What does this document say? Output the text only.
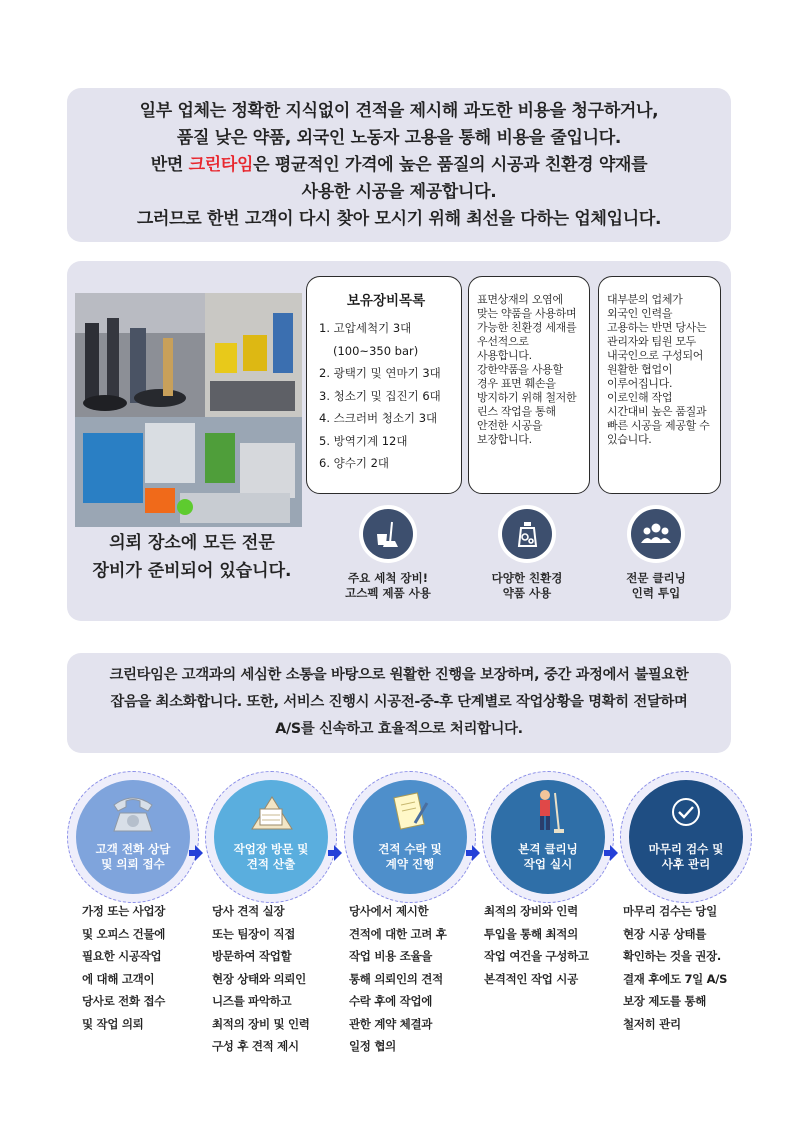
일부 업체는 정확한 지식없이 견적을 제시해 과도한 비용을 청구하거나,
품질 낮은 약품, 외국인 노동자 고용을 통해 비용을 줄입니다.
반면 크린타임은 평균적인 가격에 높은 품질의 시공과 친환경 약재를
사용한 시공을 제공합니다.
그러므로 한번 고객이 다시 찾아 모시기 위해 최선을 다하는 업체입니다.
의뢰 장소에 모든 전문
장비가 준비되어 있습니다.
보유장비목록
1. 고압세척기 3대
(100~350 bar)
2. 광택기 및 연마기 3대
3. 청소기 및 집진기 6대
4. 스크러버 청소기 3대
5. 방역기계 12대
6. 양수기 2대
표면상재의 오염에 맞는 약품을 사용하며 가능한 친환경 세재를 우선적으로 사용합니다. 강한약품을 사용할 경우 표면 훼손을 방지하기 위해 철저한 린스 작업을 통해 안전한 시공을 보장합니다.
대부분의 업체가 외국인 인력을 고용하는 반면 당사는 관리자와 팀원 모두 내국인으로 구성되어 원활한 협업이 이루어집니다. 이로인해 작업 시간대비 높은 품질과 빠른 시공을 제공할 수 있습니다.
주요 세척 장비!
고스펙 제품 사용
다양한 친환경
약품 사용
전문 클리닝
인력 투입
크린타임은 고객과의 세심한 소통을 바탕으로 원활한 진행을 보장하며, 중간 과정에서 불필요한
잡음을 최소화합니다. 또한, 서비스 진행시 시공전-중-후 단계별로 작업상황을 명확히 전달하며
A/S를 신속하고 효율적으로 처리합니다.
고객 전화 상담
및 의뢰 접수
작업장 방문 및
견적 산출
견적 수락 및
계약 진행
본격 클리닝
작업 실시
마무리 검수 및
사후 관리
가정 또는 사업장
및 오피스 건물에
필요한 시공작업
에 대해 고객이
당사로 전화 접수
및 작업 의뢰
당사 견적 실장
또는 팀장이 직접
방문하여 작업할
현장 상태와 의뢰인
니즈를 파악하고
최적의 장비 및 인력
구성 후 견적 제시
당사에서 제시한
견적에 대한 고려 후
작업 비용 조율을
통해 의뢰인의 견적
수락 후에 작업에
관한 계약 체결과
일정 협의
최적의 장비와 인력
투입을 통해 최적의
작업 여건을 구성하고
본격적인 작업 시공
마무리 검수는 당일
현장 시공 상태를
확인하는 것을 권장.
결재 후에도 7일 A/S
보장 제도를 통해
철저히 관리
